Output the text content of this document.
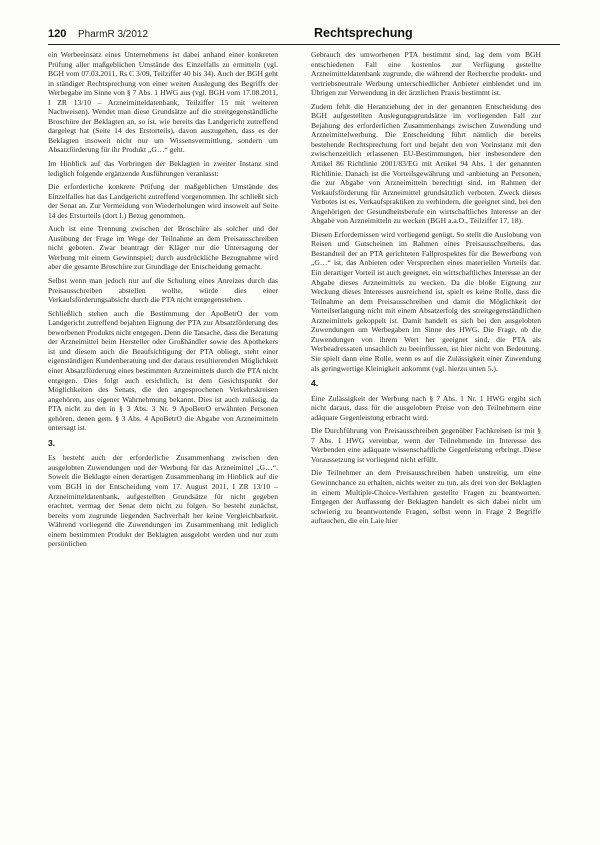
120 PharmR 3/2012	Rechtsprechung

ein Werbeeinsatz eines Unternehmens ist dabei anhand einer konkreten Prüfung aller maßgeblichen Umstände des Einzelfalls zu ermitteln (vgl. BGH vom 07.03.2011, Rs C 3/09, Teilziffer 40 bis 34). Auch der BGH geht in ständiger Rechtsprechung von einer weiten Auslegung des Begriffs der Werbegabe im Sinne von § 7 Abs. 1 HWG aus (vgl. BGH vom 17.08.2011, I ZR 13/10 – Arzneimitteldatenbank, Teilziffer 15 mit weiteren Nachweisen). Wendet man diese Grundsätze auf die streitgegenständliche Broschüre der Beklagten an, so ist, wie bereits das Landgericht zutreffend dargelegt hat (Seite 14 des Erstorteils), davon auszugehen, dass es der Beklagten insoweit nicht nur um Wissensvermittlung, sondern um Absatzförderung für ihr Produkt „G…“ geht.

Im Hinblick auf das Vorbringen der Beklagten in zweiter Instanz sind lediglich folgende ergänzende Ausführungen veranlasst:

Die erforderliche konkrete Prüfung der maßgeblichen Umstände des Einzelfalles hat das Landgericht zutreffend vorgenommen. Ihr schließt sich der Senat an. Zur Vermeidung von Wiederholungen wird insoweit auf Seite 14 des Ersturteils (dort I.) Bezug genommen.

Auch ist eine Trennung zwischen der Broschüre als solcher und der Ausübung der Frage im Wege der Teilnahme an dem Preisausschreiben nicht geboten. Zwar beantragt der Kläger nur die Untersagung der Werbung mit einem Gewinnspiel; durch ausdrückliche Bezugnahme wird aber die gesamte Broschüre zur Grundlage der Entscheidung gemacht.

Selbst wenn man jedoch nur auf die Schulung eines Anreizes durch das Preisausschreiben abstellen wollte, würde dies einer Verkaufsförderungsabsicht durch die PTA nicht entgegenstehen.

Schließlich stehen auch die Bestimmung der ApoBetrO der vom Landgericht zutreffend bejahten Eignung der PTA zur Absatzförderung des beworbenen Produkts nicht entgegen. Denn die Tatsache, dass die Beratung der Arzneimittel beim Hersteller oder Großhändler sowie des Apothekers ist und diesem auch die Beaufsichtigung der PTA obliegt, steht einer eigenständigen Kundenberatung und der daraus resultierenden Möglichkeit einer Absatzförderung eines bestimmten Arzneimittels durch die PTA nicht entgegen. Dies folgt auch ersichtlich, ist dem Gesichtspunkt der Möglichkeiten des Senats, die den angesprochenen Verkehrskreisen angehören, aus eigener Wahrnehmung bekannt. Dies ist auch zulässig, da PTA nicht zu den in § 3 Abs. 3 Nr. 9 ApoBetrO erwähnten Personen gehören, denen gem. § 3 Abs. 4 ApoBetrO die Abgabe von Arzneimitteln untersagt ist.

3.

Es besteht auch der erforderliche Zusammenhang zwischen den ausgelobten Zuwendungen und der Werbung für das Arzneimittel „G…“. Soweit die Beklagte einen derartigen Zusammenhang im Hinblick auf die vom BGH in der Entscheidung vom 17. August 2011, I ZR 13/10 – Arzneimitteldatenbank, aufgestellten Grundsätze für nicht gegeben erachtet, vermag der Senat dem nicht zu folgen. So besteht zunächst, bereits vom zugrunde liegenden Sachverhalt her keine Vergleichbarkeit. Während vorliegend die Zuwendungen im Zusammenhang mit lediglich einem bestimmten Produkt der Beklagten ausgelobt werden und nur zum persönlichen

Gebrauch des umworbenen PTA bestimmt sind, lag dem vom BGH entschiedenen Fall eine kostenlos zur Verfügung gestellte Arzneimitteldatenbank zugrunde, die während der Recherche produkt- und vertriebsneutrale Werbung unterschiedlicher Anbieter einblendet und im Übrigen zur Verwendung in der ärztlichen Praxis bestimmt ist.

Zudem fehlt die Heranziehung der in der genannten Entscheidung des BGH aufgestellten Auslegungsgrundsätze im vorliegenden Fall zur Bejahung des erforderlichen Zusammenhangs zwischen Zuwendung und Arzneimittelwerbung. Die Entscheidung führt nämlich die bereits bestehende Rechtsprechung fort und bejaht den von Vorinstanz mit den zwischenzeitlich erlassenen EU-Bestimmungen, hier insbesondere den Artikel 86 Richtlinie 2001/83/EG mit Artikel 94 Abs. 1 der genannten Richtlinie. Danach ist die Vorteilsgewährung und -anbietung an Personen, die zur Abgabe von Arzneimitteln berechtigt sind, im Rahmen der Verkaufsförderung für Arzneimittel grundsätzlich verboten. Zweck dieses Verbotes ist es, Verkaufspraktiken zu verhindern, die geeignet sind, bei den Angehörigen der Gesundheitsberufe ein wirtschaftliches Interesse an der Abgabe von Arzneimitteln zu wecken (BGH a.a.O., Teilziffer 17, 18).

Diesen Erfordernissen wird vorliegend genügt. So stellt die Auslobung von Reisen und Gutscheinen im Rahmen eines Preisausschreibens, das Bestandteil der an PTA gerichteten Fallprospektes für die Bewerbung von „G…“ ist, das Anbieten oder Versprechen eines materiellen Vorteils dar. Ein derartiger Vorteil ist auch geeignet, ein wirtschaftliches Interesse an der Abgabe dieses Arzneimittels zu wecken. Da die bloße Eignung zur Weckung dieses Interesses ausreichend ist, spielt es keine Rolle, dass die Teilnahme an dem Preisausschreiben und damit die Möglichkeit der Vorteilserlangung nicht mit einem Absatzerfolg des streitgegenständlichen Arzneimittels gekoppelt ist. Damit handelt es sich bei den ausgelobten Zuwendungen um Werbegaben im Sinne des HWG. Die Frage, ob die Zuwendungen von ihrem Wert her geeignet sind, die PTA als Werbeadressaten unsachlich zu beeinflussen, ist hier nicht von Bedeutung. Sie spielt dann eine Rolle, wenn es auf die Zulässigkeit einer Zuwendung als geringwertige Kleinigkeit ankommt (vgl. hierzu unten 5.).

4.

Eine Zulässigkeit der Werbung nach § 7 Abs. 1 Nr. 1 HWG ergibt sich nicht daraus, dass für die ausgelobten Preise von den Teilnehmern eine adäquate Gegenleistung erbracht wird.

Die Durchführung von Preisausschreiben gegenüber Fachkreisen ist mit § 7 Abs. 1 HWG vereinbar, wenn der Teilnehmende im Interesse des Werbenden eine adäquate wissenschaftliche Gegenleistung erbringt. Diese Voraussetzung ist vorliegend nicht erfüllt.

Die Teilnehmer an dem Preisausschreiben haben unstreitig, um eine Gewinnchance zu erhalten, nichts weiter zu tun, als drei von der Beklagten in einem Multiple-Choice-Verfahren gestellte Fragen zu beantworten. Entgegen der Auffassung der Beklagten handelt es sich dabei nicht um schwierig zu beantwortende Fragen, selbst wenn in Frage 2 Begriffe auftauchen, die ein Laie hier
